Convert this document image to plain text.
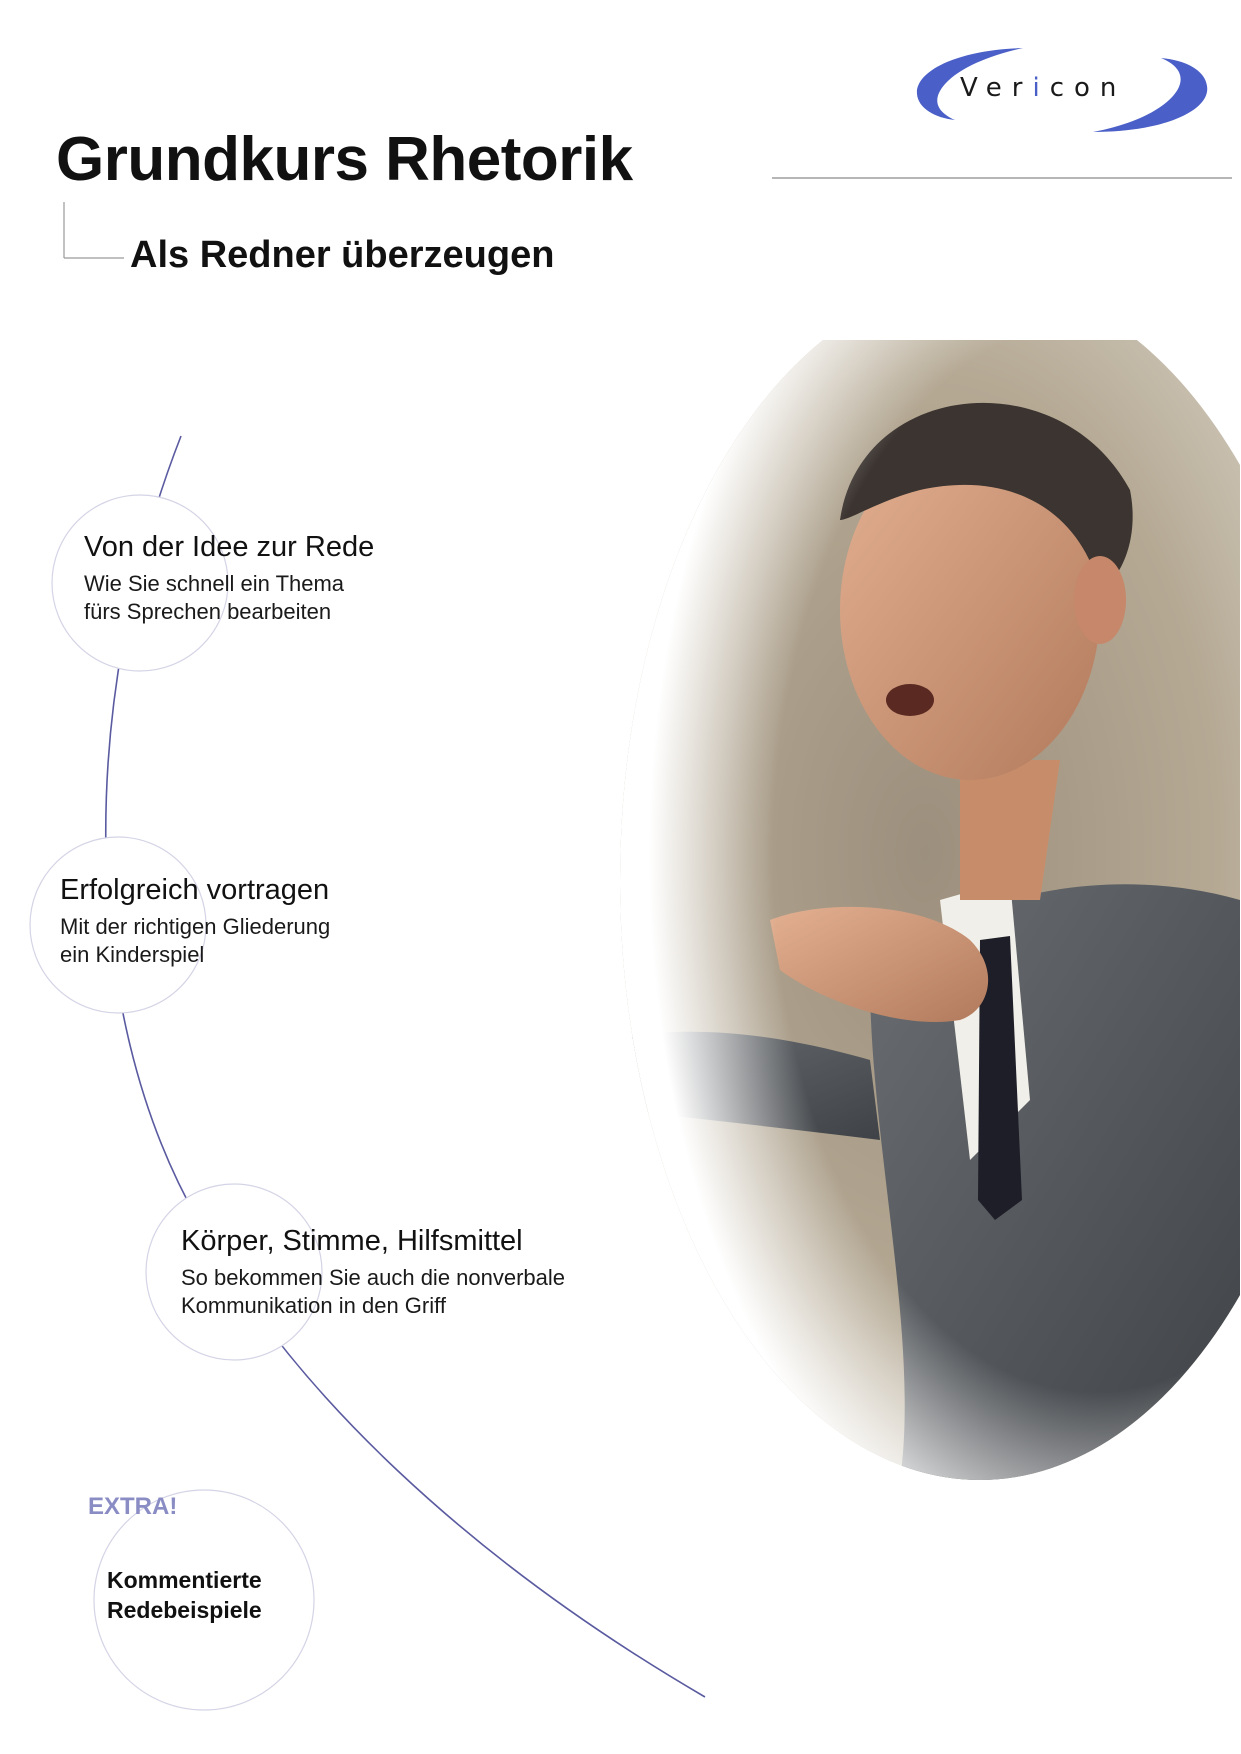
Vericon
Grundkurs Rhetorik
Als Redner überzeugen
Von der Idee zur Rede

Wie Sie schnell ein Thema
fürs Sprechen bearbeiten

Erfolgreich vortragen

Mit der richtigen Gliederung
ein Kinderspiel

Körper, Stimme, Hilfsmittel

So bekommen Sie auch die nonverbale
Kommunikation in den Griff

EXTRA!
Kommentierte
Redebeispiele
